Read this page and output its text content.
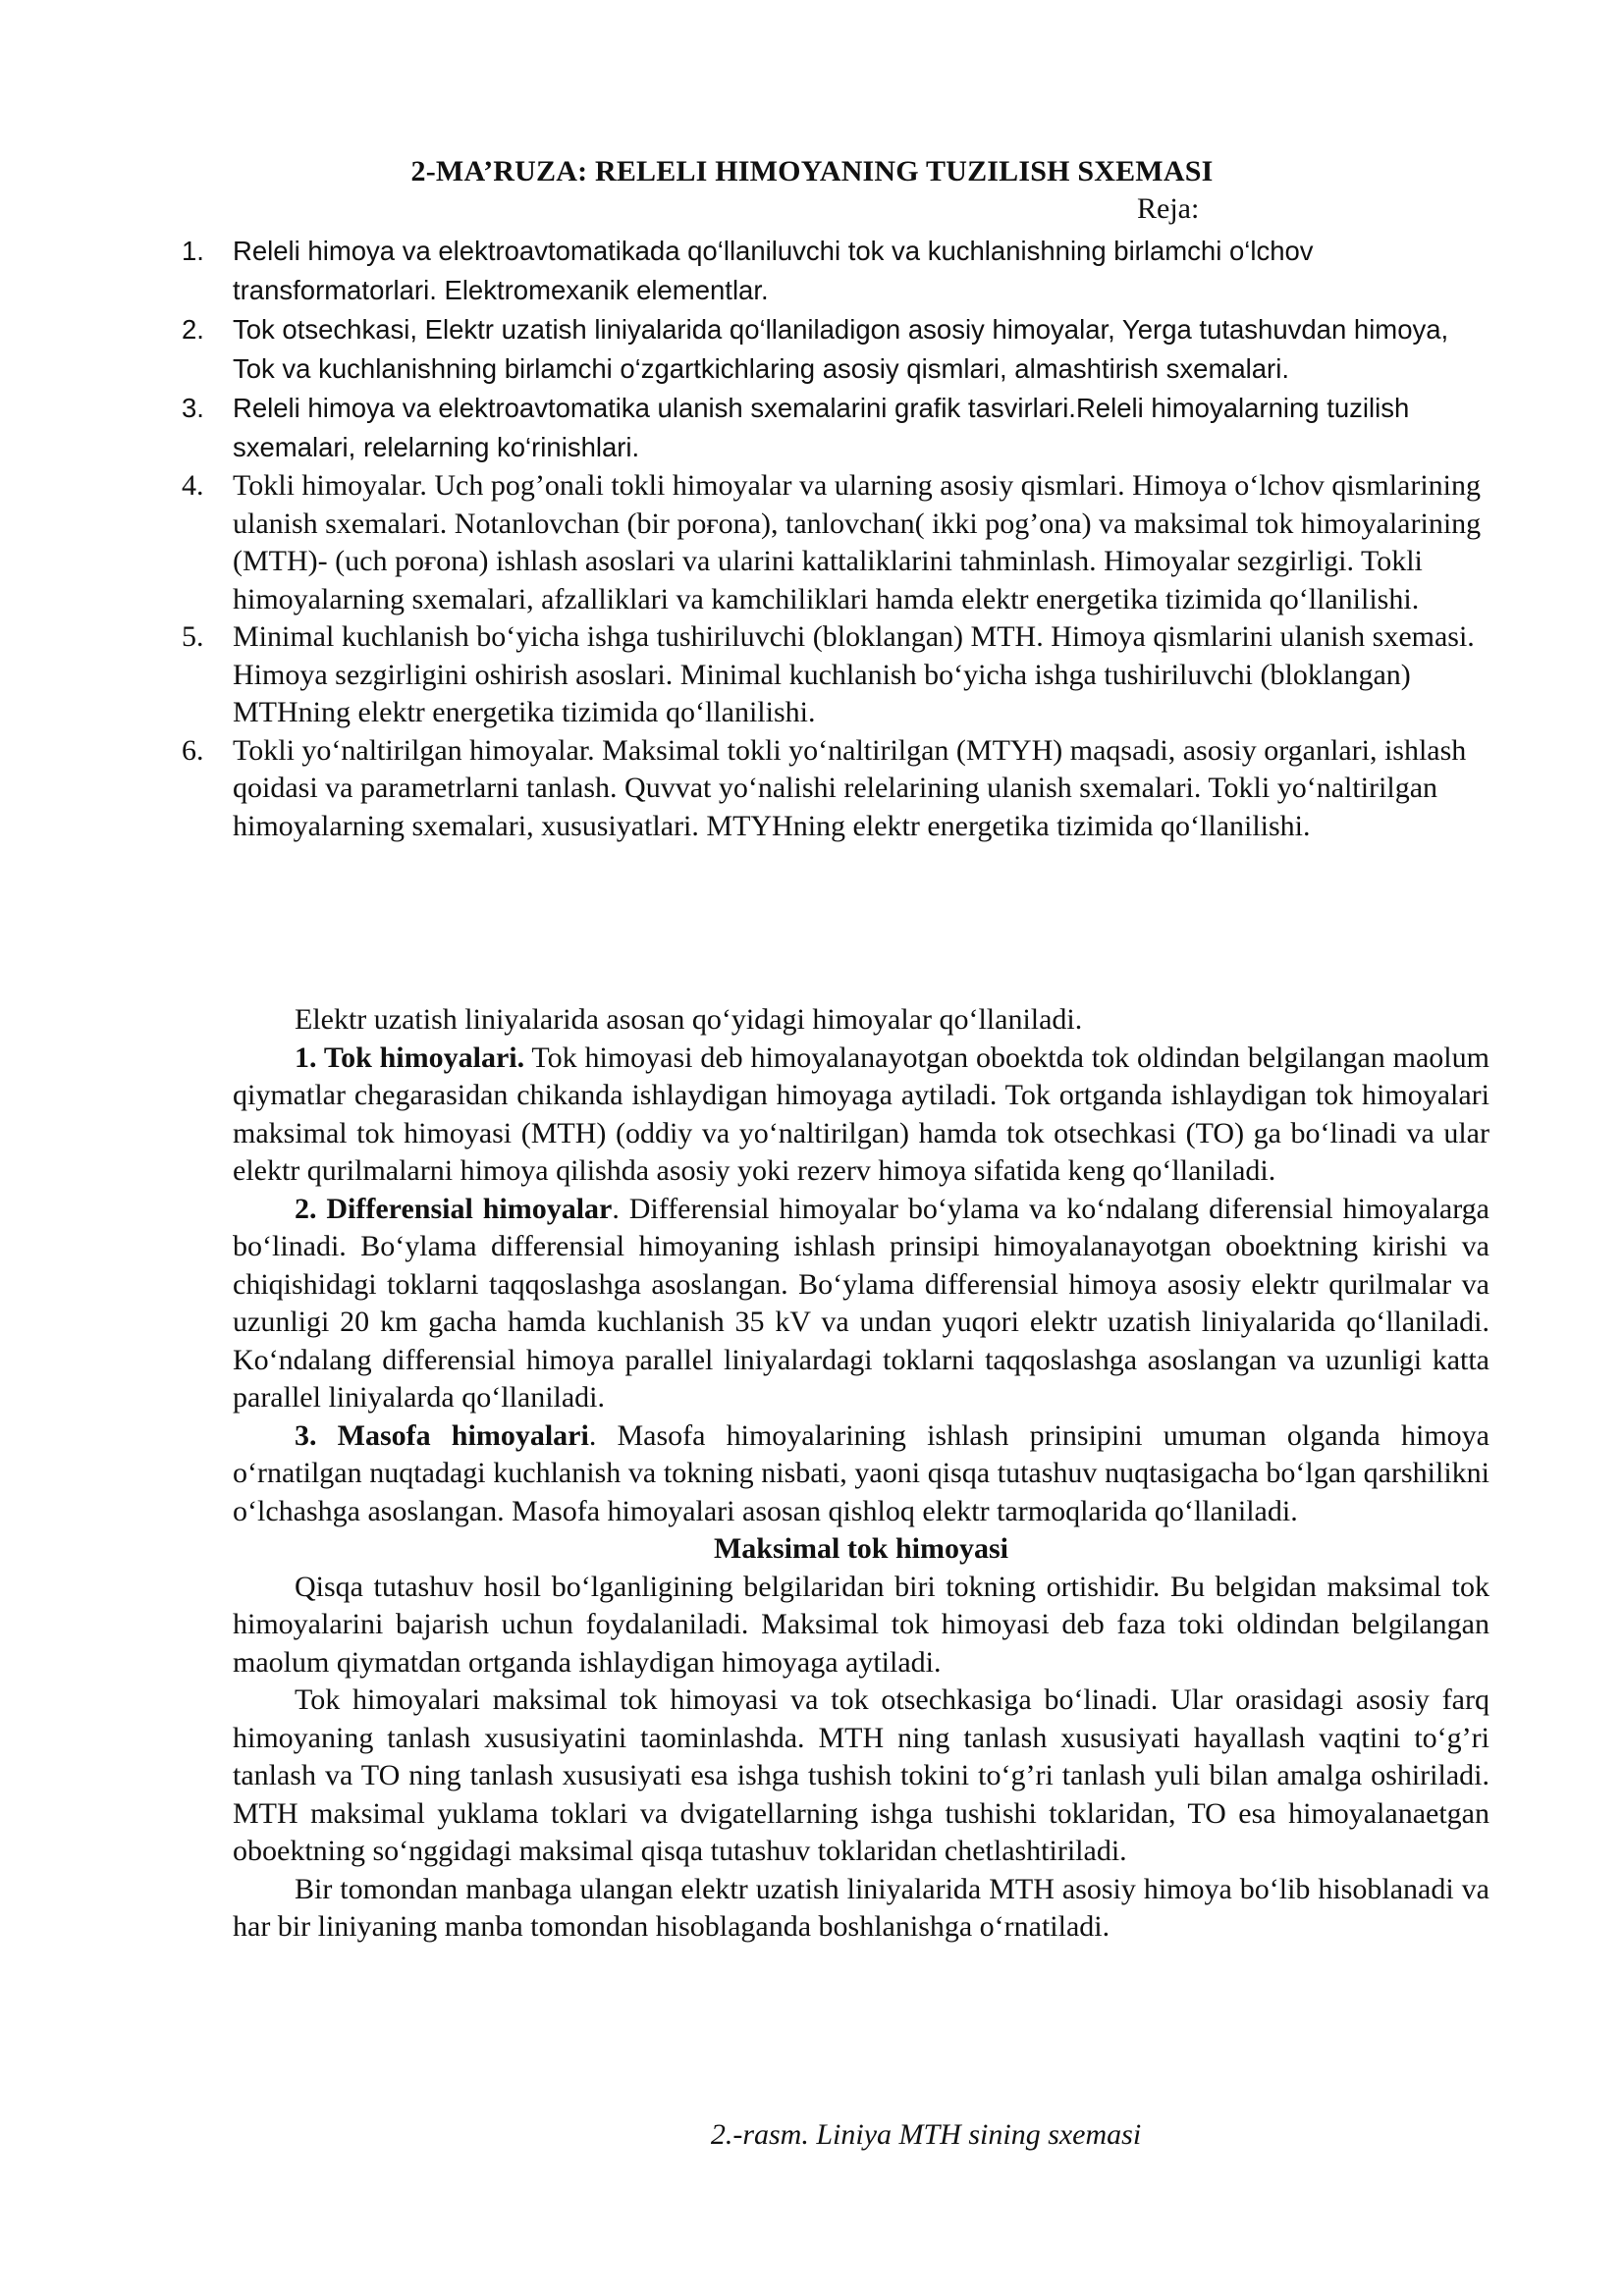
2-MA’RUZA: RELELI HIMOYANING TUZILISH SXEMASI
Reja:
1. Releli himoya va elektroavtomatikada qo‘llaniluvchi tok va kuchlanishning birlamchi o‘lchov transformatorlari. Elektromexanik elementlar.
2. Tok otsechkasi, Elektr uzatish liniyalarida qo‘llaniladigon asosiy himoyalar, Yerga tutashuvdan himoya, Tok va kuchlanishning birlamchi o‘zgartkichlaring asosiy qismlari, almashtirish sxemalari.
3. Releli himoya va elektroavtomatika ulanish sxemalarini grafik tasvirlari.Releli himoyalarning tuzilish sxemalari, relelarning ko‘rinishlari.
4. Tokli himoyalar. Uch pog’onali tokli himoyalar va ularning asosiy qismlari. Himoya o‘lchov qismlarining ulanish sxemalari. Notanlovchan (bir poғona), tanlovchan( ikki pog’ona) va maksimal tok himoyalarining (MTH)- (uch poғona) ishlash asoslari va ularini kattaliklarini tahminlash. Himoyalar sezgirligi. Tokli himoyalarning sxemalari, afzalliklari va kamchiliklari hamda elektr energetika tizimida qo‘llanilishi.
5. Minimal kuchlanish bo‘yicha ishga tushiriluvchi (bloklangan) MTH. Himoya qismlarini ulanish sxemasi. Himoya sezgirligini oshirish asoslari. Minimal kuchlanish bo‘yicha ishga tushiriluvchi (bloklangan) MTHning elektr energetika tizimida qo‘llanilishi.
6. Tokli yo‘naltirilgan himoyalar. Maksimal tokli yo‘naltirilgan (MTYH) maqsadi, asosiy organlari, ishlash qoidasi va parametrlarni tanlash. Quvvat yo‘nalishi relelarining ulanish sxemalari. Tokli yo‘naltirilgan himoyalarning sxemalari, xususiyatlari. MTYHning elektr energetika tizimida qo‘llanilishi.

Elektr uzatish liniyalarida asosan qo‘yidagi himoyalar qo‘llaniladi.

1. Tok himoyalari. Tok himoyasi deb himoyalanayotgan oboektda tok oldindan belgilangan maolum qiymatlar chegarasidan chikanda ishlaydigan himoyaga aytiladi. Tok ortganda ishlaydigan tok himoyalari maksimal tok himoyasi (MTH) (oddiy va yo‘naltirilgan) hamda tok otsechkasi (TO) ga bo‘linadi va ular elektr qurilmalarni himoya qilishda asosiy yoki rezerv himoya sifatida keng qo‘llaniladi.

2. Differensial himoyalar. Differensial himoyalar bo‘ylama va ko‘ndalang diferensial himoyalarga bo‘linadi. Bo‘ylama differensial himoyaning ishlash prinsipi himoyalanayotgan oboektning kirishi va chiqishidagi toklarni taqqoslashga asoslangan. Bo‘ylama differensial himoya asosiy elektr qurilmalar va uzunligi 20 km gacha hamda kuchlanish 35 kV va undan yuqori elektr uzatish liniyalarida qo‘llaniladi. Ko‘ndalang differensial himoya parallel liniyalardagi toklarni taqqoslashga asoslangan va uzunligi katta parallel liniyalarda qo‘llaniladi.

3. Masofa himoyalari. Masofa himoyalarining ishlash prinsipini umuman olganda himoya o‘rnatilgan nuqtadagi kuchlanish va tokning nisbati, yaoni qisqa tutashuv nuqtasigacha bo‘lgan qarshilikni o‘lchashga asoslangan. Masofa himoyalari asosan qishloq elektr tarmoqlarida qo‘llaniladi.

Maksimal tok himoyasi

Qisqa tutashuv hosil bo‘lganligining belgilaridan biri tokning ortishidir. Bu belgidan maksimal tok himoyalarini bajarish uchun foydalaniladi. Maksimal tok himoyasi deb faza toki oldindan belgilangan maolum qiymatdan ortganda ishlaydigan himoyaga aytiladi.

Tok himoyalari maksimal tok himoyasi va tok otsechkasiga bo‘linadi. Ular orasidagi asosiy farq himoyaning tanlash xususiyatini taominlashda. MTH ning tanlash xususiyati hayallash vaqtini to‘g’ri tanlash va TO ning tanlash xususiyati esa ishga tushish tokini to‘g’ri tanlash yuli bilan amalga oshiriladi. MTH maksimal yuklama toklari va dvigatellarning ishga tushishi toklaridan, TO esa himoyalanaetgan oboektning so‘nggidagi maksimal qisqa tutashuv toklaridan chetlashtiriladi.

Bir tomondan manbaga ulangan elektr uzatish liniyalarida MTH asosiy himoya bo‘lib hisoblanadi va har bir liniyaning manba tomondan hisoblaganda boshlanishga o‘rnatiladi.

2.-rasm. Liniya MTH sining sxemasi
